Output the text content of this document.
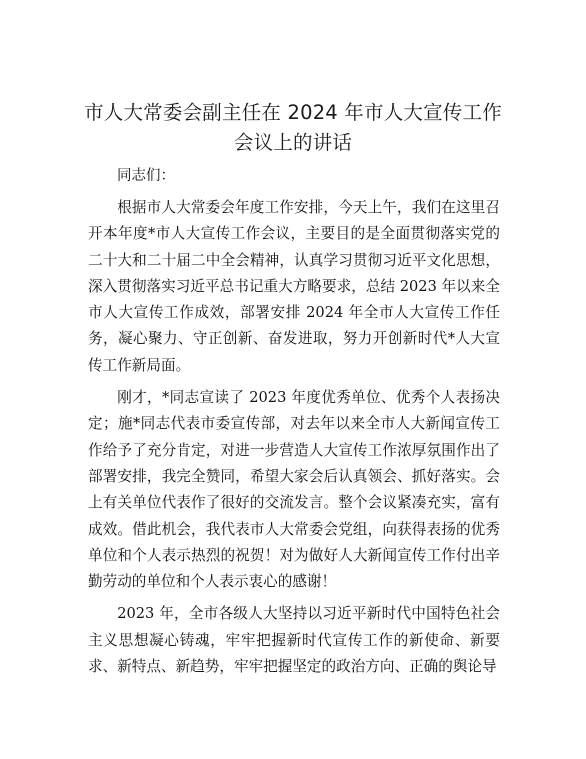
市人大常委会副主任在 2024 年市人大宣传工作会议上的讲话
同志们：

根据市人大常委会年度工作安排，今天上午，我们在这里召开本年度*市人大宣传工作会议，主要目的是全面贯彻落实党的二十大和二十届二中全会精神，认真学习贯彻习近平文化思想，深入贯彻落实习近平总书记重大方略要求，总结 2023 年以来全市人大宣传工作成效，部署安排 2024 年全市人大宣传工作任务，凝心聚力、守正创新、奋发进取，努力开创新时代*人大宣传工作新局面。

刚才，*同志宣读了 2023 年度优秀单位、优秀个人表扬决定；施*同志代表市委宣传部，对去年以来全市人大新闻宣传工作给予了充分肯定，对进一步营造人大宣传工作浓厚氛围作出了部署安排，我完全赞同，希望大家会后认真领会、抓好落实。会上有关单位代表作了很好的交流发言。整个会议紧凑充实，富有成效。借此机会，我代表市人大常委会党组，向获得表扬的优秀单位和个人表示热烈的祝贺！对为做好人大新闻宣传工作付出辛勤劳动的单位和个人表示衷心的感谢！

2023 年，全市各级人大坚持以习近平新时代中国特色社会主义思想凝心铸魂，牢牢把握新时代宣传工作的新使命、新要求、新特点、新趋势，牢牢把握坚定的政治方向、正确的舆论导
